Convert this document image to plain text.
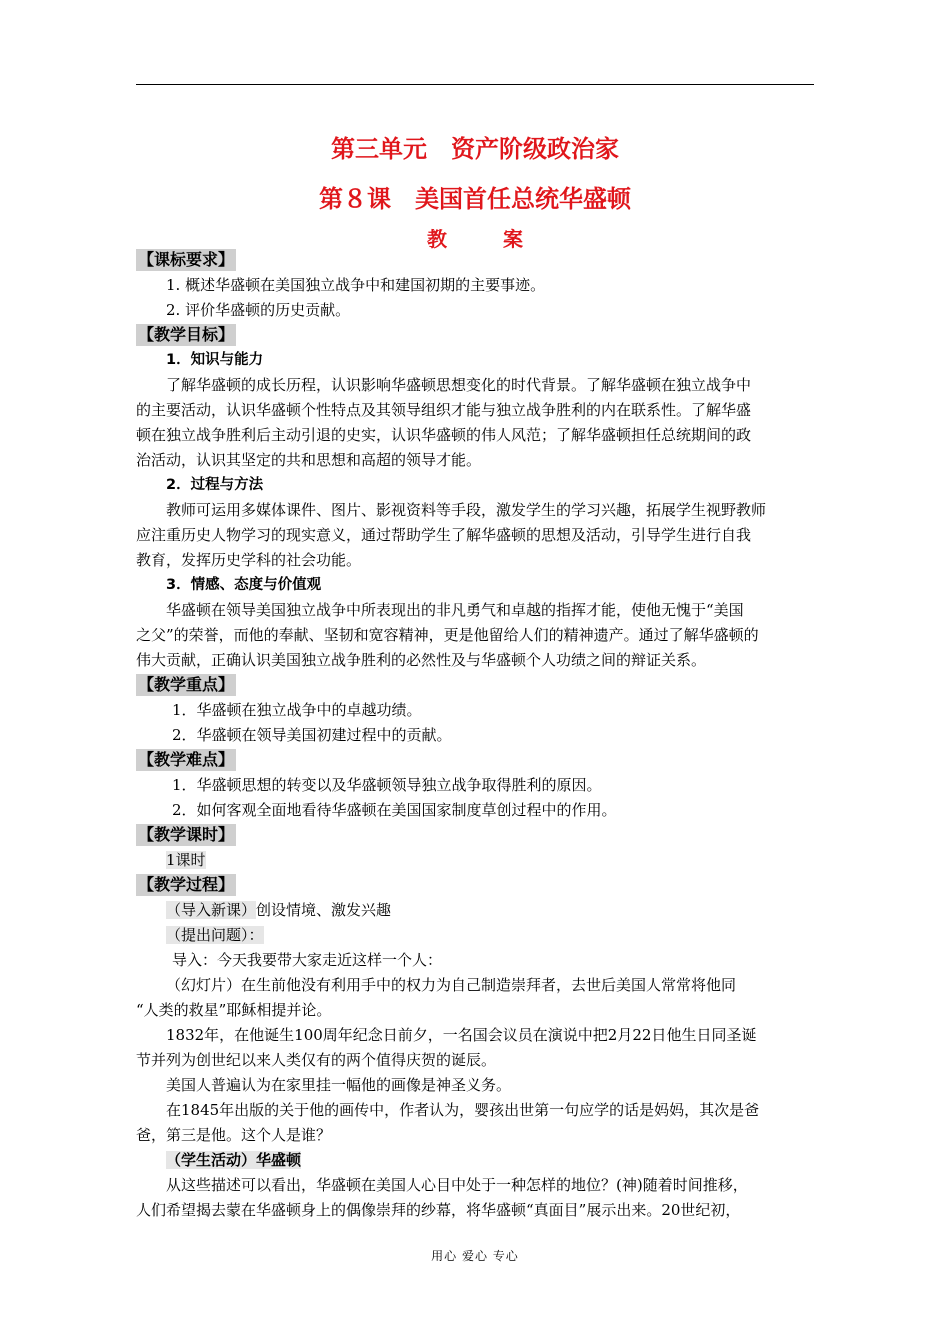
第三单元　资产阶级政治家
第８课　美国首任总统华盛顿
教　案
【课标要求】
1. 概述华盛顿在美国独立战争中和建国初期的主要事迹。
2. 评价华盛顿的历史贡献。
【教学目标】
1．知识与能力
了解华盛顿的成长历程，认识影响华盛顿思想变化的时代背景。了解华盛顿在独立战争中
的主要活动，认识华盛顿个性特点及其领导组织才能与独立战争胜利的内在联系性。了解华盛
顿在独立战争胜利后主动引退的史实，认识华盛顿的伟人风范；了解华盛顿担任总统期间的政
治活动，认识其坚定的共和思想和高超的领导才能。
2．过程与方法
教师可运用多媒体课件、图片、影视资料等手段，激发学生的学习兴趣，拓展学生视野教师
应注重历史人物学习的现实意义，通过帮助学生了解华盛顿的思想及活动，引导学生进行自我
教育，发挥历史学科的社会功能。
3．情感、态度与价值观
华盛顿在领导美国独立战争中所表现出的非凡勇气和卓越的指挥才能，使他无愧于“美国
之父”的荣誉，而他的奉献、坚韧和宽容精神，更是他留给人们的精神遗产。通过了解华盛顿的
伟大贡献，正确认识美国独立战争胜利的必然性及与华盛顿个人功绩之间的辩证关系。
【教学重点】
1．华盛顿在独立战争中的卓越功绩。
2．华盛顿在领导美国初建过程中的贡献。
【教学难点】
1．华盛顿思想的转变以及华盛顿领导独立战争取得胜利的原因。
2．如何客观全面地看待华盛顿在美国国家制度草创过程中的作用。
【教学课时】
1课时
【教学过程】
（导入新课）创设情境、激发兴趣
（提出问题）：
导入：今天我要带大家走近这样一个人：
（幻灯片）在生前他没有利用手中的权力为自己制造崇拜者，去世后美国人常常将他同
“人类的救星”耶稣相提并论。
1832年，在他诞生100周年纪念日前夕，一名国会议员在演说中把2月22日他生日同圣诞
节并列为创世纪以来人类仅有的两个值得庆贺的诞辰。
美国人普遍认为在家里挂一幅他的画像是神圣义务。
在1845年出版的关于他的画传中，作者认为，婴孩出世第一句应学的话是妈妈，其次是爸
爸，第三是他。这个人是谁？
（学生活动）华盛顿
从这些描述可以看出，华盛顿在美国人心目中处于一种怎样的地位？(神)随着时间推移，
人们希望揭去蒙在华盛顿身上的偶像崇拜的纱幕，将华盛顿“真面目”展示出来。20世纪初，
用心 爱心 专心
